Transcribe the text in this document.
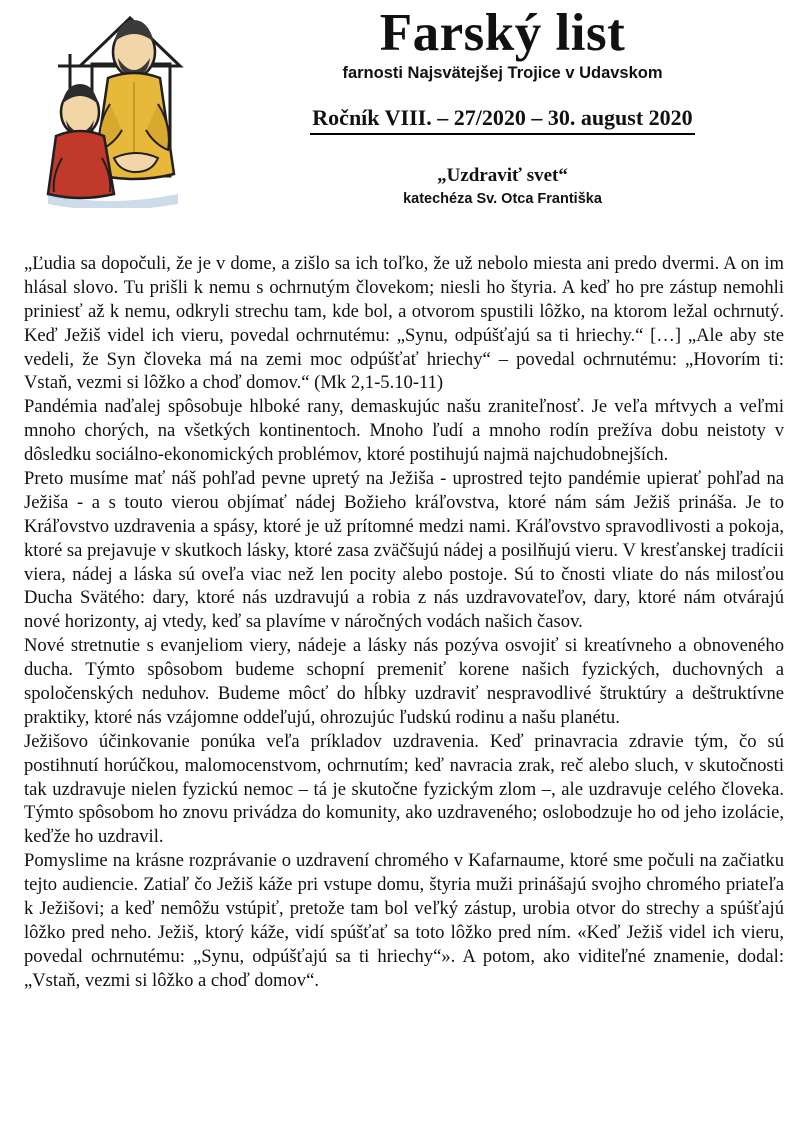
Farský list
farnosti Najsvätejšej Trojice v Udavskom
Ročník VIII. – 27/2020 – 30. august 2020
„Uzdraviť svet“
katechéza Sv. Otca Františka

„Ľudia sa dopočuli, že je v dome, a zišlo sa ich toľko, že už nebolo miesta ani predo dvermi. A on im hlásal slovo. Tu prišli k nemu s ochrnutým človekom; niesli ho štyria. A keď ho pre zástup nemohli priniesť až k nemu, odkryli strechu tam, kde bol, a otvorom spustili lôžko, na ktorom ležal ochrnutý. Keď Ježiš videl ich vieru, povedal ochrnutému: „Synu, odpúšťajú sa ti hriechy.“ […] „Ale aby ste vedeli, že Syn človeka má na zemi moc odpúšťať hriechy“ – povedal ochrnutému: „Hovorím ti: Vstaň, vezmi si lôžko a choď domov.“ (Mk 2,1-5.10-11)

Pandémia naďalej spôsobuje hlboké rany, demaskujúc našu zraniteľnosť. Je veľa mŕtvych a veľmi mnoho chorých, na všetkých kontinentoch. Mnoho ľudí a mnoho rodín prežíva dobu neistoty v dôsledku sociálno-ekonomických problémov, ktoré postihujú najmä najchudobnejších.

Preto musíme mať náš pohľad pevne upretý na Ježiša - uprostred tejto pandémie upierať pohľad na Ježiša - a s touto vierou objímať nádej Božieho kráľovstva, ktoré nám sám Ježiš prináša. Je to Kráľovstvo uzdravenia a spásy, ktoré je už prítomné medzi nami. Kráľovstvo spravodlivosti a pokoja, ktoré sa prejavuje v skutkoch lásky, ktoré zasa zväčšujú nádej a posilňujú vieru. V kresťanskej tradícii viera, nádej a láska sú oveľa viac než len pocity alebo postoje. Sú to čnosti vliate do nás milosťou Ducha Svätého: dary, ktoré nás uzdravujú a robia z nás uzdravovateľov, dary, ktoré nám otvárajú nové horizonty, aj vtedy, keď sa plavíme v náročných vodách našich časov.

Nové stretnutie s evanjeliom viery, nádeje a lásky nás pozýva osvojiť si kreatívneho a obnoveného ducha. Týmto spôsobom budeme schopní premeniť korene našich fyzických, duchovných a spoločenských neduhov. Budeme môcť do hĺbky uzdraviť nespravodlivé štruktúry a deštruktívne praktiky, ktoré nás vzájomne oddeľujú, ohrozujúc ľudskú rodinu a našu planétu.

Ježišovo účinkovanie ponúka veľa príkladov uzdravenia. Keď prinavracia zdravie tým, čo sú postihnutí horúčkou, malomocenstvom, ochrnutím; keď navracia zrak, reč alebo sluch, v skutočnosti tak uzdravuje nielen fyzickú nemoc – tá je skutočne fyzickým zlom –, ale uzdravuje celého človeka. Týmto spôsobom ho znovu privádza do komunity, ako uzdraveného; oslobodzuje ho od jeho izolácie, keďže ho uzdravil.

Pomyslime na krásne rozprávanie o uzdravení chromého v Kafarnaume, ktoré sme počuli na začiatku tejto audiencie. Zatiaľ čo Ježiš káže pri vstupe domu, štyria muži prinášajú svojho chromého priateľa k Ježišovi; a keď nemôžu vstúpiť, pretože tam bol veľký zástup, urobia otvor do strechy a spúšťajú lôžko pred neho. Ježiš, ktorý káže, vidí spúšťať sa toto lôžko pred ním. «Keď Ježiš videl ich vieru, povedal ochrnutému: „Synu, odpúšťajú sa ti hriechy“». A potom, ako viditeľné znamenie, dodal: „Vstaň, vezmi si lôžko a choď domov“.
